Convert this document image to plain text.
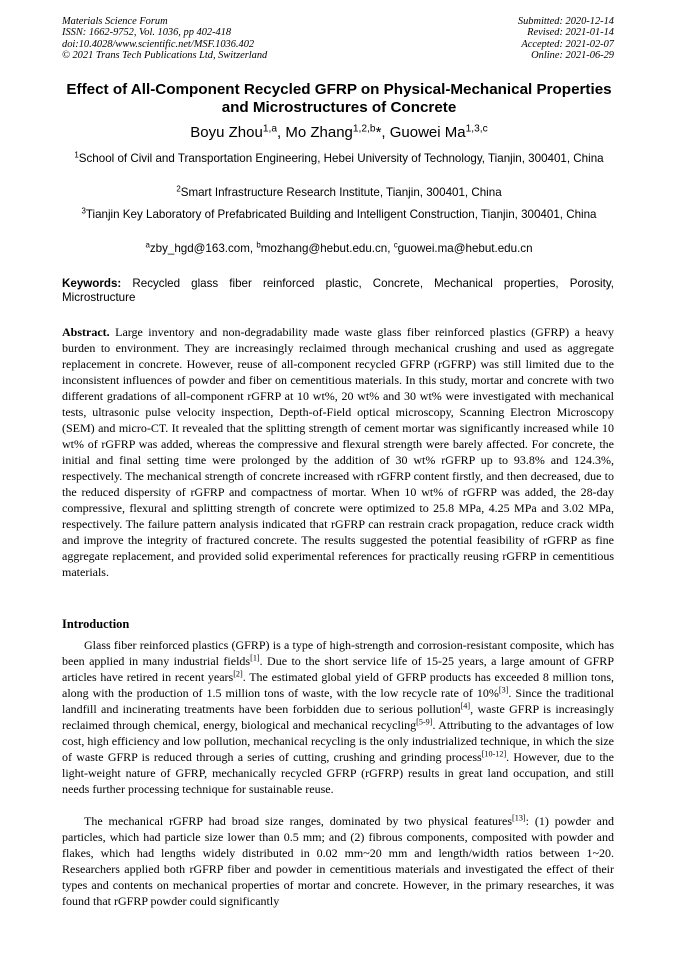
Materials Science Forum
ISSN: 1662-9752, Vol. 1036, pp 402-418
doi:10.4028/www.scientific.net/MSF.1036.402
© 2021 Trans Tech Publications Ltd, Switzerland
Submitted: 2020-12-14
Revised: 2021-01-14
Accepted: 2021-02-07
Online: 2021-06-29
Effect of All-Component Recycled GFRP on Physical-Mechanical Properties and Microstructures of Concrete
Boyu Zhou$^{1,a}$, Mo Zhang$^{1,2,b}$*, Guowei Ma$^{1,3,c}$
$^1$School of Civil and Transportation Engineering, Hebei University of Technology, Tianjin, 300401, China
$^2$Smart Infrastructure Research Institute, Tianjin, 300401, China
$^3$Tianjin Key Laboratory of Prefabricated Building and Intelligent Construction, Tianjin, 300401, China
$^a$zby_hgd@163.com, $^b$mozhang@hebut.edu.cn, $^c$guowei.ma@hebut.edu.cn
Keywords: Recycled glass fiber reinforced plastic, Concrete, Mechanical properties, Porosity, Microstructure
Abstract. Large inventory and non-degradability made waste glass fiber reinforced plastics (GFRP) a heavy burden to environment. They are increasingly reclaimed through mechanical crushing and used as aggregate replacement in concrete. However, reuse of all-component recycled GFRP (rGFRP) was still limited due to the inconsistent influences of powder and fiber on cementitious materials. In this study, mortar and concrete with two different gradations of all-component rGFRP at 10 wt%, 20 wt% and 30 wt% were investigated with mechanical tests, ultrasonic pulse velocity inspection, Depth-of-Field optical microscopy, Scanning Electron Microscopy (SEM) and micro-CT. It revealed that the splitting strength of cement mortar was significantly increased while 10 wt% of rGFRP was added, whereas the compressive and flexural strength were barely affected. For concrete, the initial and final setting time were prolonged by the addition of 30 wt% rGFRP up to 93.8% and 124.3%, respectively. The mechanical strength of concrete increased with rGFRP content firstly, and then decreased, due to the reduced dispersity of rGFRP and compactness of mortar. When 10 wt% of rGFRP was added, the 28-day compressive, flexural and splitting strength of concrete were optimized to 25.8 MPa, 4.25 MPa and 3.02 MPa, respectively. The failure pattern analysis indicated that rGFRP can restrain crack propagation, reduce crack width and improve the integrity of fractured concrete. The results suggested the potential feasibility of rGFRP as fine aggregate replacement, and provided solid experimental references for practically reusing rGFRP in cementitious materials.
Introduction
Glass fiber reinforced plastics (GFRP) is a type of high-strength and corrosion-resistant composite, which has been applied in many industrial fields[1]. Due to the short service life of 15-25 years, a large amount of GFRP articles have retired in recent years[2]. The estimated global yield of GFRP products has exceeded 8 million tons, along with the production of 1.5 million tons of waste, with the low recycle rate of 10%[3]. Since the traditional landfill and incinerating treatments have been forbidden due to serious pollution[4], waste GFRP is increasingly reclaimed through chemical, energy, biological and mechanical recycling[5-9]. Attributing to the advantages of low cost, high efficiency and low pollution, mechanical recycling is the only industrialized technique, in which the size of waste GFRP is reduced through a series of cutting, crushing and grinding process[10-12]. However, due to the light-weight nature of GFRP, mechanically recycled GFRP (rGFRP) results in great land occupation, and still needs further processing technique for sustainable reuse.
The mechanical rGFRP had broad size ranges, dominated by two physical features[13]: (1) powder and particles, which had particle size lower than 0.5 mm; and (2) fibrous components, composited with powder and flakes, which had lengths widely distributed in 0.02 mm~20 mm and length/width ratios between 1~20. Researchers applied both rGFRP fiber and powder in cementitious materials and investigated the effect of their types and contents on mechanical properties of mortar and concrete. However, in the primary researches, it was found that rGFRP powder could significantly
